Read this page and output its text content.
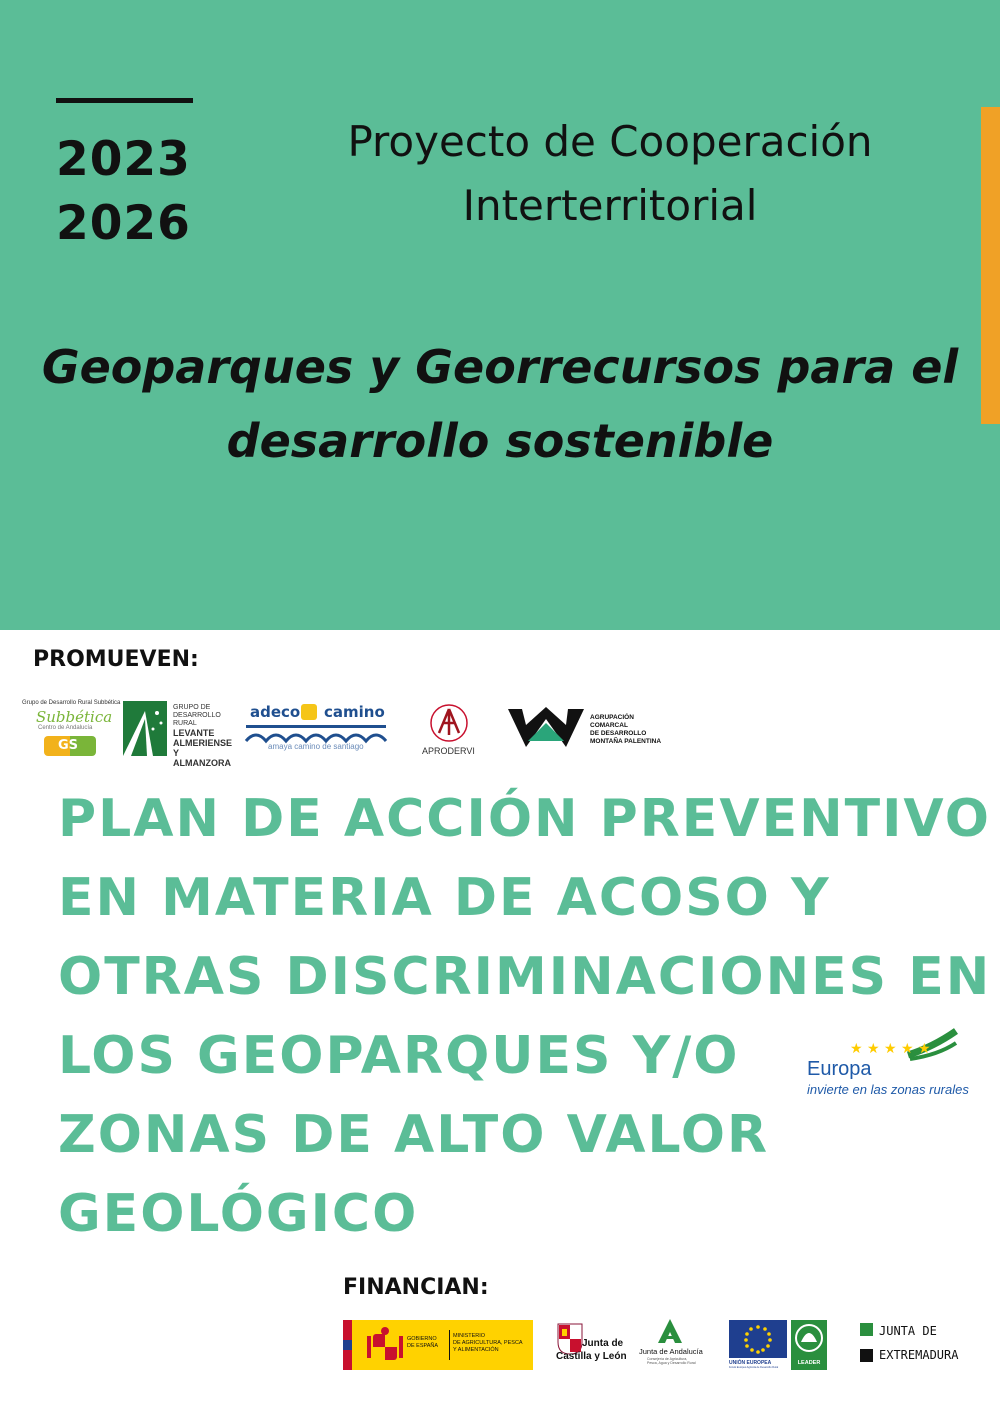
2023
2026
Proyecto de Cooperación
Interterritorial
Geoparques y Georrecursos para el
desarrollo sostenible
PROMUEVEN:
Grupo de Desarrollo Rural Subbética
Subbética
Centro de Andalucía
GS
GRUPO DE
DESARROLLO
RURAL
LEVANTE
ALMERIENSE
Y ALMANZORA
adeco camino
amaya camino de santiago	APRODERVI
AGRUPACIÓN
COMARCAL
DE DESARROLLO
MONTAÑA PALENTINA
PLAN DE ACCIÓN PREVENTIVO
EN MATERIA DE ACOSO Y
OTRAS DISCRIMINACIONES EN
LOS GEOPARQUES Y/O
ZONAS DE ALTO VALOR
GEOLÓGICO
★ ★ ★ ★ ★
Europa
invierte en las zonas rurales
FINANCIAN:
GOBIERNO
DE ESPAÑA
MINISTERIO
DE AGRICULTURA, PESCA
Y ALIMENTACIÓN
Junta de
Castilla y León Junta de Andalucía
Consejería de Agricultura,
Pesca, Agua y Desarrollo Rural	LEADER
UNIÓN EUROPEA
Fondo Europeo Agrícola de Desarrollo Rural
JUNTA DE
EXTREMADURA
